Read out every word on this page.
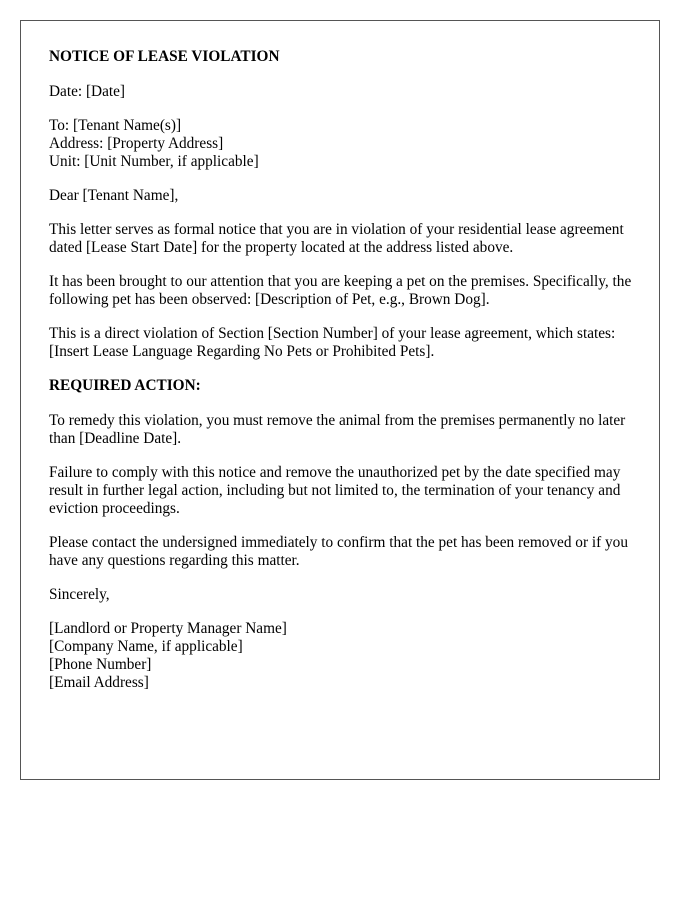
NOTICE OF LEASE VIOLATION

Date: [Date]

To: [Tenant Name(s)]
Address: [Property Address]
Unit: [Unit Number, if applicable]

Dear [Tenant Name],

This letter serves as formal notice that you are in violation of your residential lease agreement dated [Lease Start Date] for the property located at the address listed above.

It has been brought to our attention that you are keeping a pet on the premises. Specifically, the following pet has been observed: [Description of Pet, e.g., Brown Dog].

This is a direct violation of Section [Section Number] of your lease agreement, which states: [Insert Lease Language Regarding No Pets or Prohibited Pets].

REQUIRED ACTION:

To remedy this violation, you must remove the animal from the premises permanently no later than [Deadline Date].

Failure to comply with this notice and remove the unauthorized pet by the date specified may result in further legal action, including but not limited to, the termination of your tenancy and eviction proceedings.

Please contact the undersigned immediately to confirm that the pet has been removed or if you have any questions regarding this matter.

Sincerely,

[Landlord or Property Manager Name]
[Company Name, if applicable]
[Phone Number]
[Email Address]
